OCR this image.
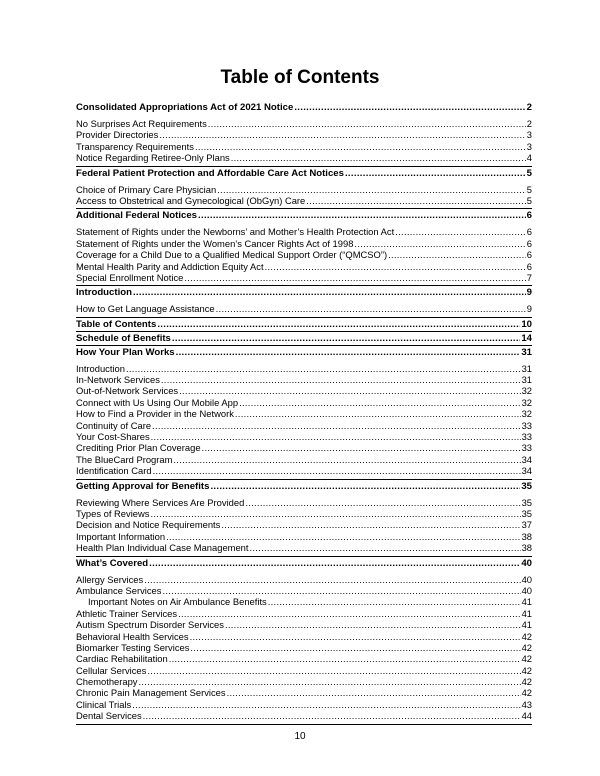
Table of Contents
Consolidated Appropriations Act of 2021 Notice .....	2
No Surprises Act Requirements .....	2
Provider Directories .....	3
Transparency Requirements .....	3
Notice Regarding Retiree-Only Plans .....	4
Federal Patient Protection and Affordable Care Act Notices .....	5
Choice of Primary Care Physician .....	5
Access to Obstetrical and Gynecological (ObGyn) Care .....	5
Additional Federal Notices .....	6
Statement of Rights under the Newborns’ and Mother’s Health Protection Act .....	6
Statement of Rights under the Women’s Cancer Rights Act of 1998 .....	6
Coverage for a Child Due to a Qualified Medical Support Order (“QMCSO”) .....	6
Mental Health Parity and Addiction Equity Act .....	6
Special Enrollment Notice .....	7
Introduction .....	9
How to Get Language Assistance .....	9
Table of Contents .....	10
Schedule of Benefits .....	14
How Your Plan Works .....	31
Introduction .....	31
In-Network Services .....	31
Out-of-Network Services .....	32
Connect with Us Using Our Mobile App .....	32
How to Find a Provider in the Network .....	32
Continuity of Care .....	33
Your Cost-Shares .....	33
Crediting Prior Plan Coverage .....	33
The BlueCard Program .....	34
Identification Card .....	34
Getting Approval for Benefits .....	35
Reviewing Where Services Are Provided .....	35
Types of Reviews .....	35
Decision and Notice Requirements .....	37
Important Information .....	38
Health Plan Individual Case Management .....	38
What’s Covered .....	40
Allergy Services .....	40
Ambulance Services .....	40
Important Notes on Air Ambulance Benefits .....	41
Athletic Trainer Services .....	41
Autism Spectrum Disorder Services .....	41
Behavioral Health Services .....	42
Biomarker Testing Services .....	42
Cardiac Rehabilitation .....	42
Cellular Services .....	42
Chemotherapy .....	42
Chronic Pain Management Services .....	42
Clinical Trials .....	43
Dental Services .....	44
10
